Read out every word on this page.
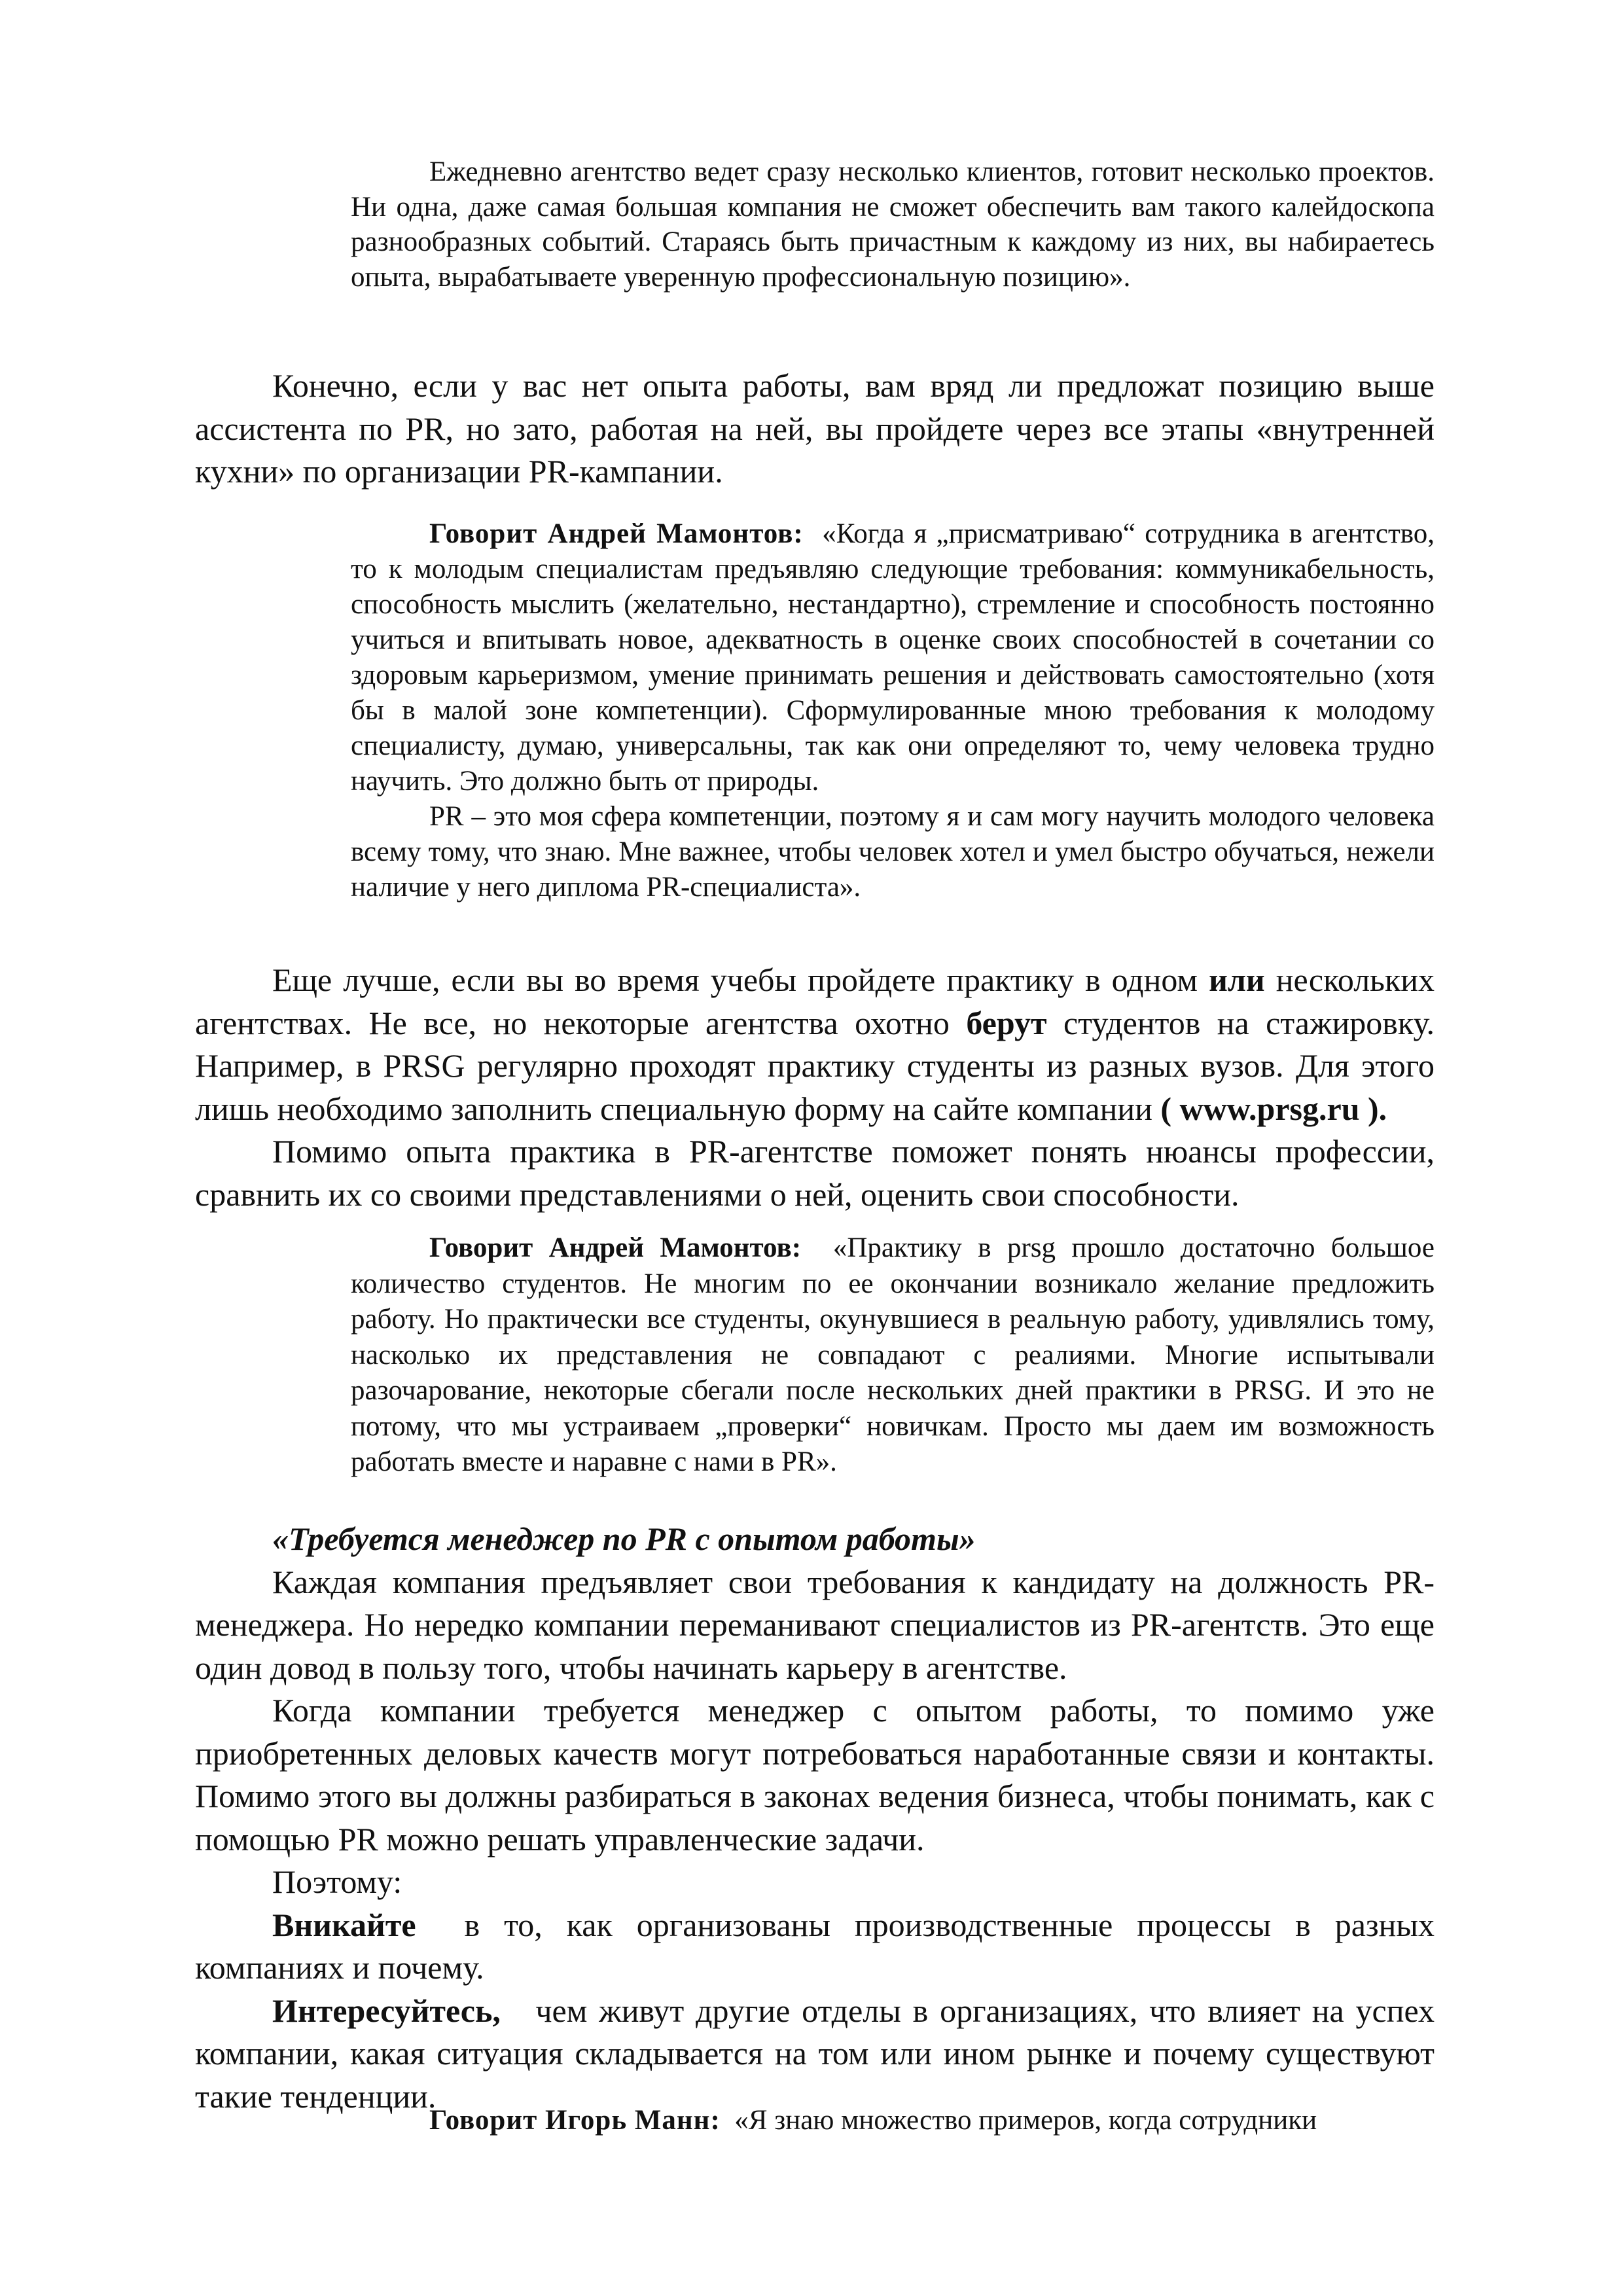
Ежедневно агентство ведет сразу несколько клиентов, готовит несколько проектов. Ни одна, даже самая большая компания не сможет обеспечить вам такого калейдоскопа разнообразных событий. Стараясь быть причастным к каждому из них, вы набираетесь опыта, вырабатываете уверенную профессиональную позицию».

Конечно, если у вас нет опыта работы, вам вряд ли предложат позицию выше ассистента по PR, но зато, работая на ней, вы пройдете через все этапы «внутренней кухни» по организации PR-кампании.

Говорит Андрей Мамонтов: «Когда я „присматриваю“ сотрудника в агентство, то к молодым специалистам предъявляю следующие требования: коммуникабельность, способность мыслить (желательно, нестандартно), стремление и способность постоянно учиться и впитывать новое, адекватность в оценке своих способностей в сочетании со здоровым карьеризмом, умение принимать решения и действовать самостоятельно (хотя бы в малой зоне компетенции). Сформулированные мною требования к молодому специалисту, думаю, универсальны, так как они определяют то, чему человека трудно научить. Это должно быть от природы.

PR – это моя сфера компетенции, поэтому я и сам могу научить молодого человека всему тому, что знаю. Мне важнее, чтобы человек хотел и умел быстро обучаться, нежели наличие у него диплома PR-специалиста».

Еще лучше, если вы во время учебы пройдете практику в одном или нескольких агентствах. Не все, но некоторые агентства охотно берут студентов на стажировку. Например, в PRSG регулярно проходят практику студенты из разных вузов. Для этого лишь необходимо заполнить специальную форму на сайте компании ( www.prsg.ru ).

Помимо опыта практика в PR-агентстве поможет понять нюансы профессии, сравнить их со своими представлениями о ней, оценить свои способности.

Говорит Андрей Мамонтов: «Практику в prsg прошло достаточно большое количество студентов. Не многим по ее окончании возникало желание предложить работу. Но практически все студенты, окунувшиеся в реальную работу, удивлялись тому, насколько их представления не совпадают с реалиями. Многие испытывали разочарование, некоторые сбегали после нескольких дней практики в PRSG. И это не потому, что мы устраиваем „проверки“ новичкам. Просто мы даем им возможность работать вместе и наравне с нами в PR».

«Требуется менеджер по PR с опытом работы»

Каждая компания предъявляет свои требования к кандидату на должность PR-менеджера. Но нередко компании переманивают специалистов из PR-агентств. Это еще один довод в пользу того, чтобы начинать карьеру в агентстве.

Когда компании требуется менеджер с опытом работы, то помимо уже приобретенных деловых качеств могут потребоваться наработанные связи и контакты. Помимо этого вы должны разбираться в законах ведения бизнеса, чтобы понимать, как с помощью PR можно решать управленческие задачи.

Поэтому:

Вникайте в то, как организованы производственные процессы в разных компаниях и почему.

Интересуйтесь, чем живут другие отделы в организациях, что влияет на успех компании, какая ситуация складывается на том или ином рынке и почему существуют такие тенденции.

Говорит Игорь Манн: «Я знаю множество примеров, когда сотрудники
